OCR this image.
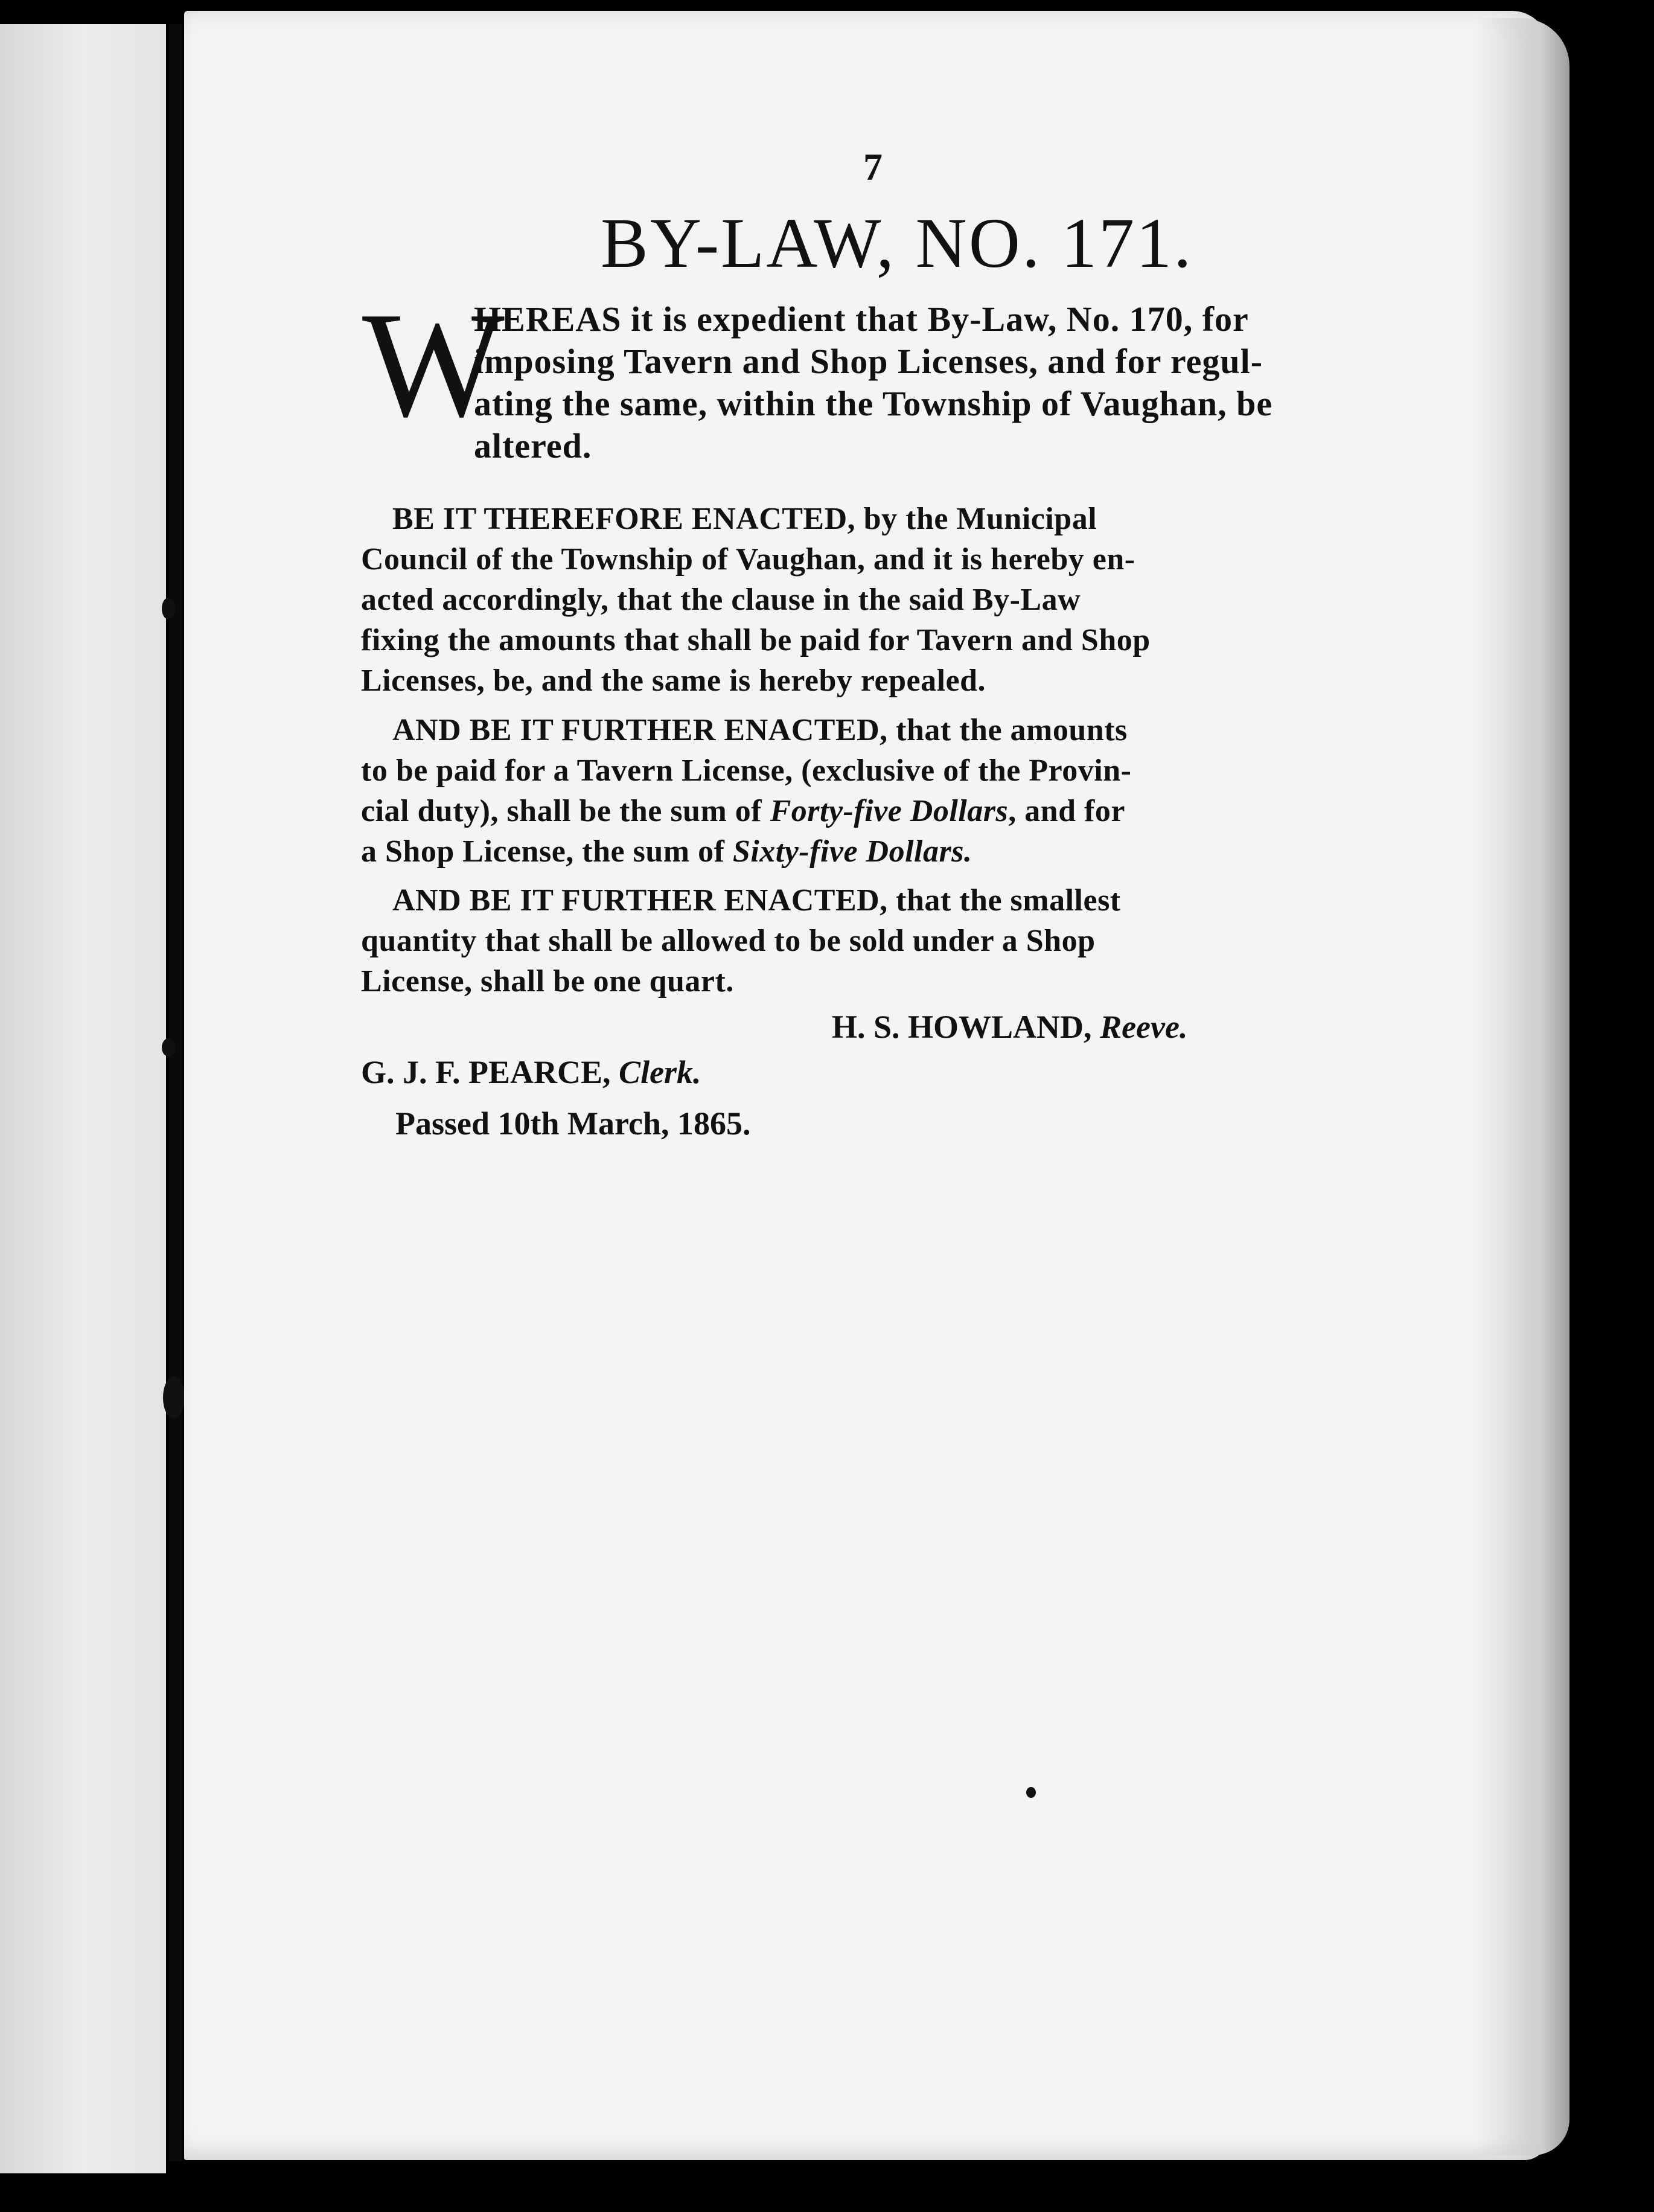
7
BY-LAW, NO. 171.
W
HEREAS it is expedient that By-Law, No. 170, for
imposing Tavern and Shop Licenses, and for regul-
ating the same, within the Township of Vaughan, be
altered.
BE IT THEREFORE ENACTED, by the Municipal
Council of the Township of Vaughan, and it is hereby en-
acted accordingly, that the clause in the said By-Law
fixing the amounts that shall be paid for Tavern and Shop
Licenses, be, and the same is hereby repealed.
AND BE IT FURTHER ENACTED, that the amounts
to be paid for a Tavern License, (exclusive of the Provin-
cial duty), shall be the sum of Forty-five Dollars, and for
a Shop License, the sum of Sixty-five Dollars.
AND BE IT FURTHER ENACTED, that the smallest
quantity that shall be allowed to be sold under a Shop
License, shall be one quart.
H. S. HOWLAND, Reeve.
G. J. F. PEARCE, Clerk.
Passed 10th March, 1865.
